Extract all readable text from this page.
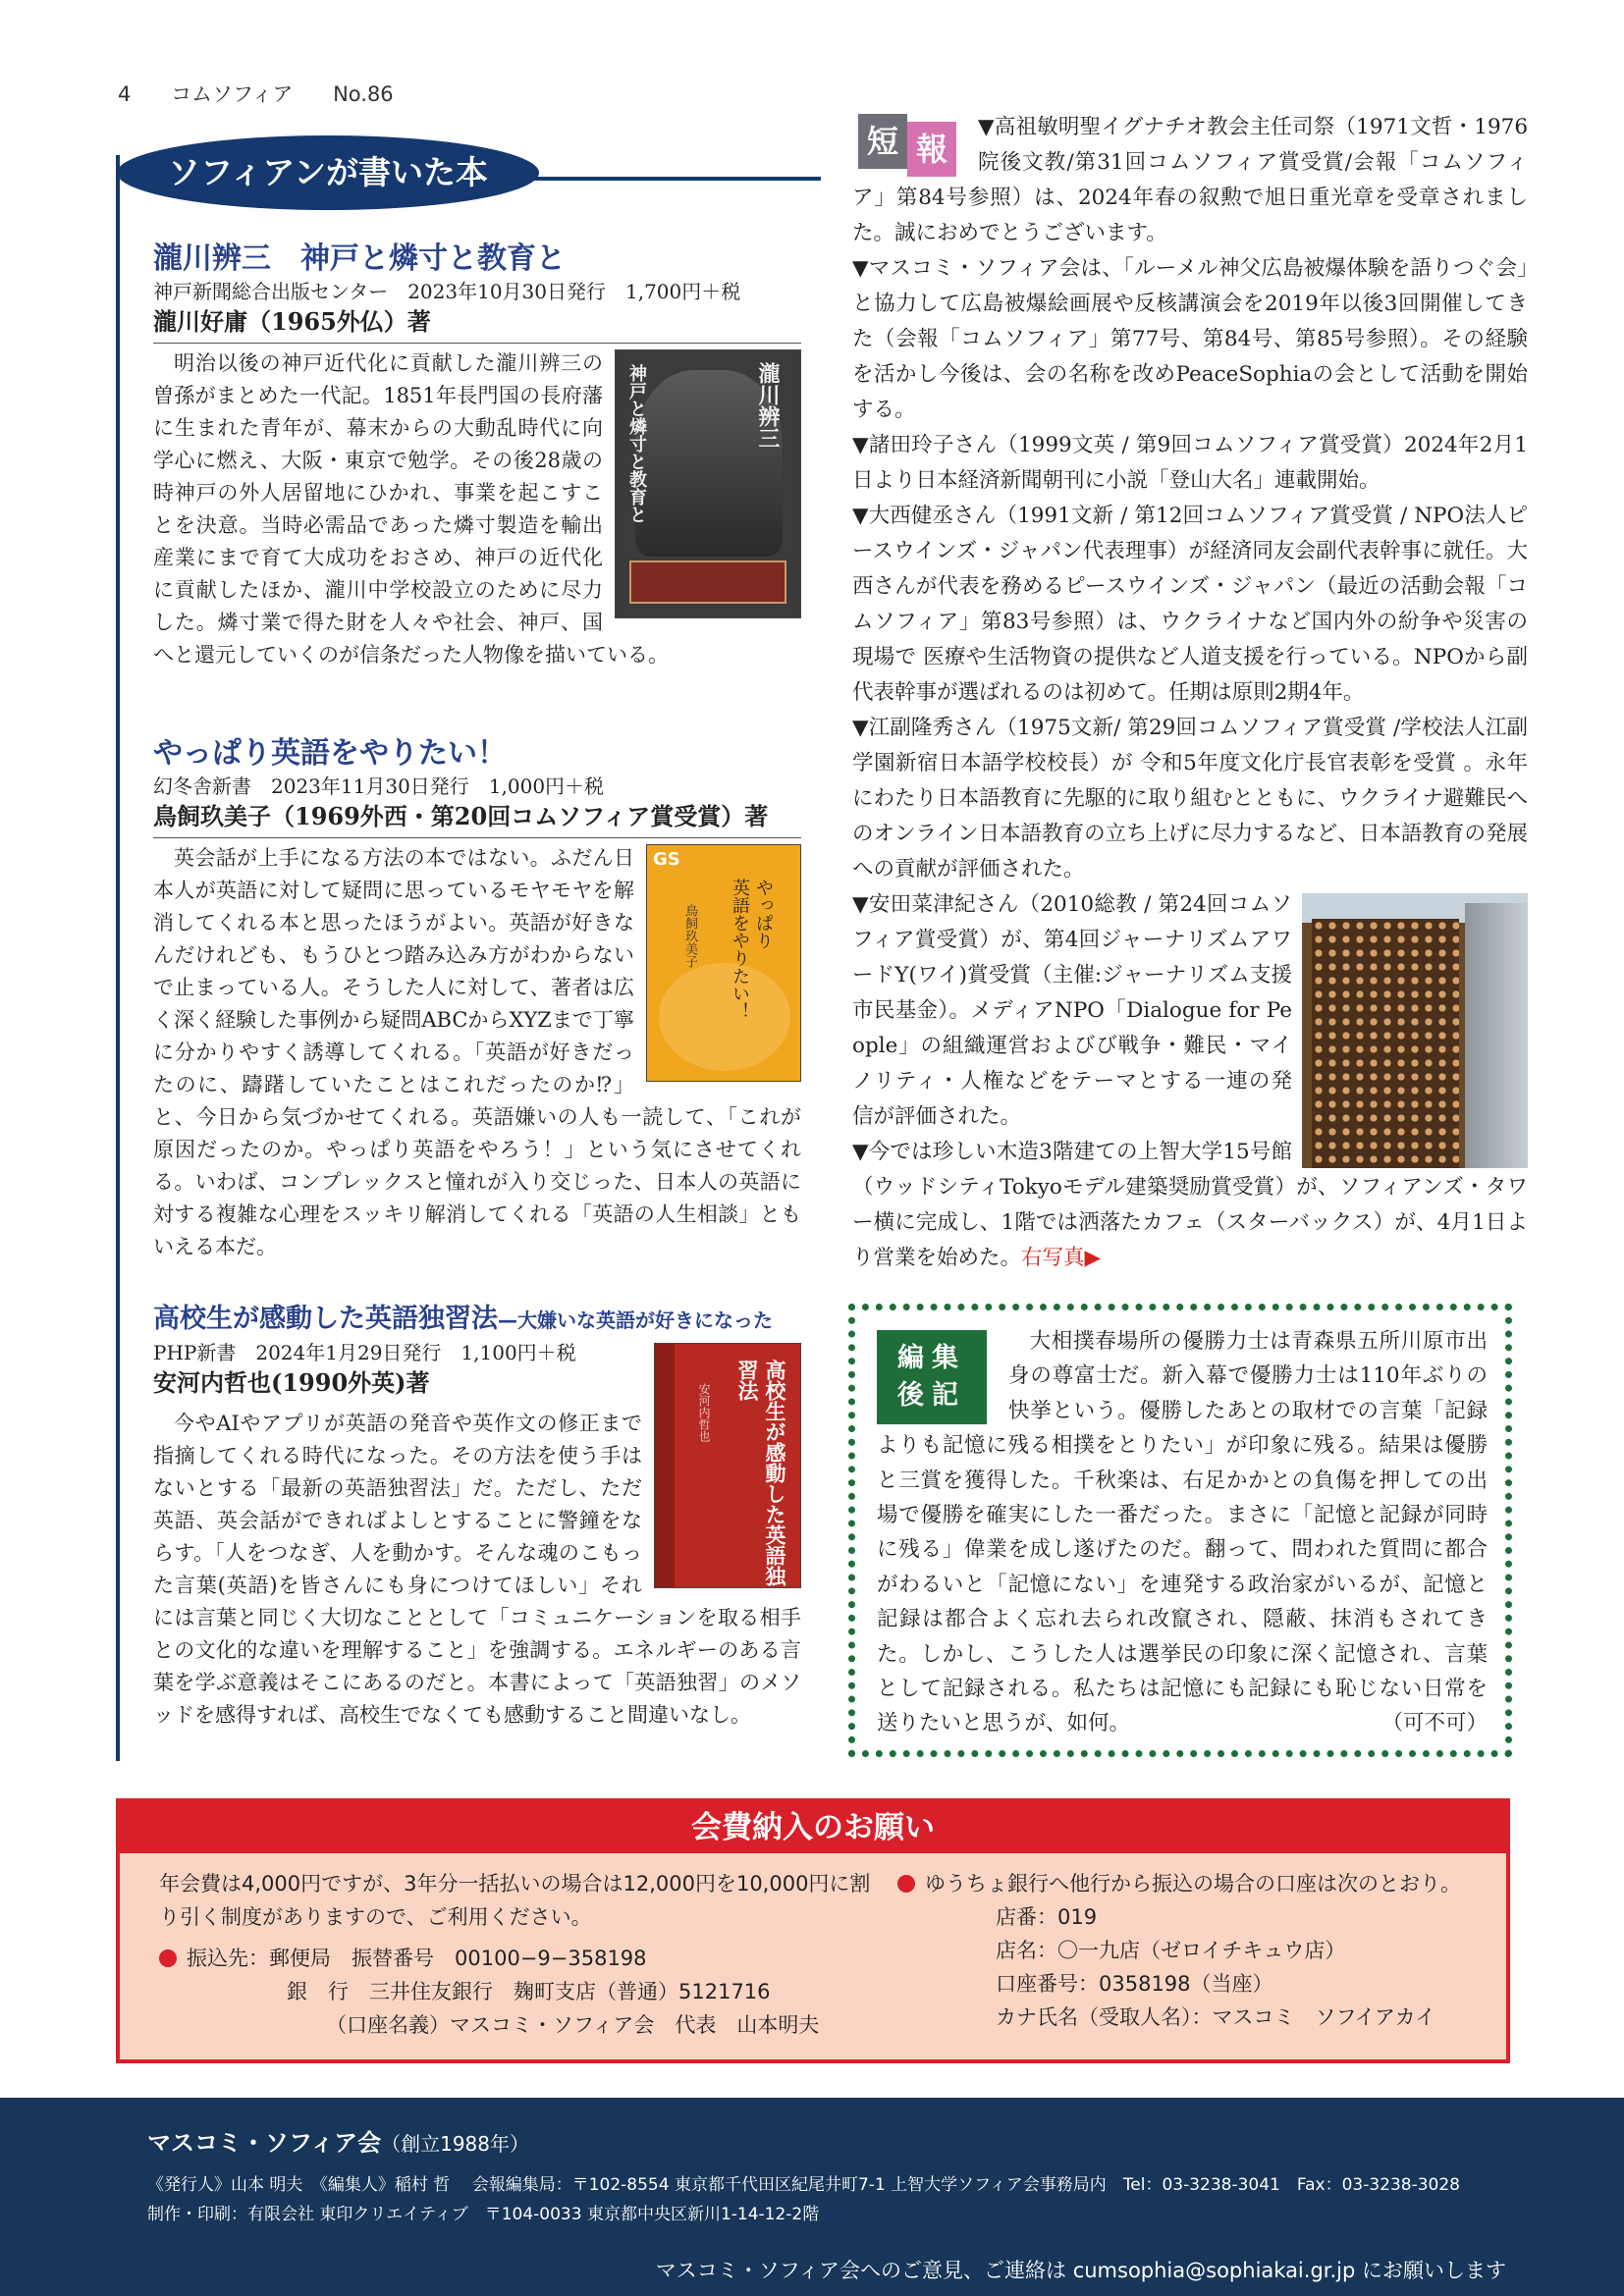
4 コムソフィア No.86
ソフィアンが書いた本
瀧川辨三　神戸と燐寸と教育と
神戸新聞総合出版センター　2023年10月30日発行　1,700円＋税
瀧川好庸（1965外仏）著
瀧川辨三
神戸と燐寸と教育と

明治以後の神戸近代化に貢献した瀧川辨三の曽孫がまとめた一代記。1851年長門国の長府藩に生まれた青年が、幕末からの大動乱時代に向学心に燃え、大阪・東京で勉学。その後28歳の時神戸の外人居留地にひかれ、事業を起こすことを決意。当時必需品であった燐寸製造を輸出産業にまで育て大成功をおさめ、神戸の近代化に貢献したほか、瀧川中学校設立のために尽力した。燐寸業で得た財を人々や社会、神戸、国へと還元していくのが信条だった人物像を描いている。

やっぱり英語をやりたい！
幻冬舎新書　2023年11月30日発行　1,000円＋税
鳥飼玖美子（1969外西・第20回コムソフィア賞受賞）著
GS
やっぱり
英語をやりたい！
鳥飼玖美子

英会話が上手になる方法の本ではない。ふだん日本人が英語に対して疑問に思っているモヤモヤを解消してくれる本と思ったほうがよい。英語が好きなんだけれども、もうひとつ踏み込み方がわからないで止まっている人。そうした人に対して、著者は広く深く経験した事例から疑問ABCからXYZまで丁寧に分かりやすく誘導してくれる。「英語が好きだったのに、躊躇していたことはこれだったのか⁉」と、今日から気づかせてくれる。英語嫌いの人も一読して、「これが原因だったのか。やっぱり英語をやろう！」という気にさせてくれる。いわば、コンプレックスと憧れが入り交じった、日本人の英語に対する複雑な心理をスッキリ解消してくれる「英語の人生相談」ともいえる本だ。

高校生が感動した英語独習法—大嫌いな英語が好きになった
PHP新書　2024年1月29日発行　1,100円＋税
安河内哲也(1990外英)著	高校生が感動した英語独習法
安河内哲也

今やAIやアプリが英語の発音や英作文の修正まで指摘してくれる時代になった。その方法を使う手はないとする「最新の英語独習法」だ。ただし、ただ英語、英会話ができればよしとすることに警鐘をならす。「人をつなぎ、人を動かす。そんな魂のこもった言葉(英語)を皆さんにも身につけてほしい」それには言葉と同じく大切なこととして「コミュニケーションを取る相手との文化的な違いを理解すること」を強調する。エネルギーのある言葉を学ぶ意義はそこにあるのだと。本書によって「英語独習」のメソッドを感得すれば、高校生でなくても感動すること間違いなし。

短 報

▼高祖敏明聖イグナチオ教会主任司祭（1971文哲・1976院後文教/第31回コムソフィア賞受賞/会報「コムソフィア」第84号参照）は、2024年春の叙勲で旭日重光章を受章されました。誠におめでとうございます。

▼マスコミ・ソフィア会は、「ルーメル神父広島被爆体験を語りつぐ会」と協力して広島被爆絵画展や反核講演会を2019年以後3回開催してきた（会報「コムソフィア」第77号、第84号、第85号参照）。その経験を活かし今後は、会の名称を改めPeaceSophiaの会として活動を開始する。

▼諸田玲子さん（1999文英 / 第9回コムソフィア賞受賞）2024年2月1日より日本経済新聞朝刊に小説「登山大名」連載開始。

▼大西健丞さん（1991文新 / 第12回コムソフィア賞受賞 / NPO法人ピースウインズ・ジャパン代表理事）が経済同友会副代表幹事に就任。大西さんが代表を務めるピースウインズ・ジャパン（最近の活動会報「コムソフィア」第83号参照）は、ウクライナなど国内外の紛争や災害の現場で 医療や生活物資の提供など人道支援を行っている。NPOから副代表幹事が選ばれるのは初めて。任期は原則2期4年。

▼江副隆秀さん（1975文新/ 第29回コムソフィア賞受賞 /学校法人江副学園新宿日本語学校校長）が 令和5年度文化庁長官表彰を受賞 。永年にわたり日本語教育に先駆的に取り組むとともに、ウクライナ避難民へのオンライン日本語教育の立ち上げに尽力するなど、日本語教育の発展への貢献が評価された。

▼安田菜津紀さん（2010総教 / 第24回コムソフィア賞受賞）が、第4回ジャーナリズムアワードY(ワイ)賞受賞（主催:ジャーナリズム支援市民基金）。メディアNPO「Dialogue for People」の組織運営およびび戦争・難民・マイノリティ・人権などをテーマとする一連の発信が評価された。

▼今では珍しい木造3階建ての上智大学15号館（ウッドシティTokyoモデル建築奨励賞受賞）が、ソフィアンズ・タワー横に完成し、1階では洒落たカフェ（スターバックス）が、4月1日より営業を始めた。右写真▶

編集
後記

大相撲春場所の優勝力士は青森県五所川原市出身の尊富士だ。新入幕で優勝力士は110年ぶりの快挙という。優勝したあとの取材での言葉「記録よりも記憶に残る相撲をとりたい」が印象に残る。結果は優勝と三賞を獲得した。千秋楽は、右足かかとの負傷を押しての出場で優勝を確実にした一番だった。まさに「記憶と記録が同時に残る」偉業を成し遂げたのだ。翻って、問われた質問に都合がわるいと「記憶にない」を連発する政治家がいるが、記憶と記録は都合よく忘れ去られ改竄され、隠蔽、抹消もされてきた。しかし、こうした人は選挙民の印象に深く記憶され、言葉として記録される。私たちは記憶にも記録にも恥じない日常を送りたいと思うが、如何。	（可不可）

会費納入のお願い
年会費は4,000円ですが、3年分一括払いの場合は12,000円を10,000円に割り引く制度がありますので、ご利用ください。
振込先：郵便局　振替番号　00100−9−358198
銀　行　三井住友銀行　麹町支店（普通）5121716
（口座名義）マスコミ・ソフィア会　代表　山本明夫
ゆうちょ銀行へ他行から振込の場合の口座は次のとおり。
店番：019
店名：〇一九店（ゼロイチキュウ店）
口座番号：0358198（当座）
カナ氏名（受取人名）：マスコミ　ソフイアカイ
マスコミ・ソフィア会（創立1988年）
《発行人》山本 明夫　《編集人》稲村 哲　 会報編集局：〒102-8554 東京都千代田区紀尾井町7-1 上智大学ソフィア会事務局内　Tel：03-3238-3041　Fax：03-3238-3028
制作・印刷：有限会社 東印クリエイティブ　〒104-0033 東京都中央区新川1-14-12-2階
マスコミ・ソフィア会へのご意見、ご連絡は cumsophia@sophiakai.gr.jp にお願いします
